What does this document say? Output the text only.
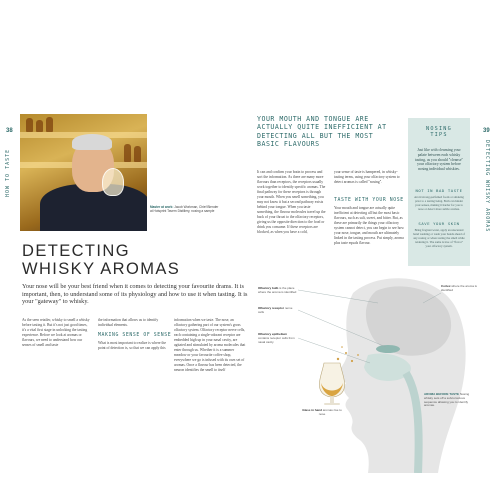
38
HOW TO TASTE
Master at work: Jacob Workman, Chief Blender at Hotsprint Tavern Distillery, nosing a sample
DETECTING
WHISKY AROMAS
Your nose will be your best friend when it comes to detecting your favourite drams. It is important, then, to understand some of its physiology and how to use it when tasting. It is your "gateway" to whisky.
As the seen retailer, whisky to smell a whisky before tasting it. But it's not just good times, it's a vital first stage in unlocking the tasting experience. Before we look at aromas or flavours, we need to understand how our senses of smell and taste
the information that allows us to identify individual elements.
MAKING SENSE OF SENSE
What is most important to realize is where the point of detection is, so that we can apply this
information when we taste. The nose, an olfactory gathering part of our system's gross olfactory system. Olfactory receptor nerve cells, each containing a single-odorant receptor are embedded high up in your nasal cavity, are agitated and stimulated by aroma molecules that enter through us. Whether it is a summer meadow or your favourite coffee shop, everywhere we go is infused with its own set of aromas. Once a flavour has been detected, the neuron identifies the smell to itself
39
DETECTING WHISKY AROMAS
YOUR MOUTH AND TONGUE ARE ACTUALLY QUITE INEFFICIENT AT DETECTING ALL BUT THE MOST BASIC FLAVOURS
It can and confirm your brain to process and sort the information. As there are many more flavours than receptors, the receptors usually work together to identify specific aromas. The final pathway for these receptors is through your mouth. When you smell something, you may not know it but a second pathway exists behind your tongue. When you taste something, the flavour molecules travel up the back of your throat to the olfactory receptors, giving us the opposite direction to the food or drink you consume. If these receptors are blocked, as when you have a cold,
your sense of taste is hampered, in whisky-tasting terms, using your olfactory system to detect aromas is called "nosing".
TASTE WITH YOUR NOSE
Your mouth and tongue are actually quite inefficient at detecting all but the most basic flavours, such as salt, sweet, and bitter. But, as these are primarily the things your olfactory system cannot detect, you can begin to see how your nose, tongue, and mouth are ultimately linked in the tasting process. Put simply, aroma plus taste equals flavour.
NOSING
TIPS
Just like with cleansing your palate between each whisky tasting, as you should "cleanse" your olfactory system before nosing individual whiskies.
NOT IN BAD TASTE
Avoid strong-perfumed foods or smoking prior to a tasting being. Both can hinder your senses, making it harder for you to nose or detect more subtle aromas.
SAVE YOUR SKIN
Bring fragrant water, apply an unscented hand washing or wash your hands ahead of any nosing or when tasting the smell while retaining it. The same is true of "flavor" your olfactory system.
Olfactory bulb is the place where the aroma is identified
Olfactory receptor nerve cells
Olfactory epithelium contains receptor cells from nasal cavity
Cortex where the aroma is identified
Glass in hand aromas rise to nose
AROMA BEFORE TASTE Nosing whisky sets off a subconscious sequence allowing you to identify aromas.
